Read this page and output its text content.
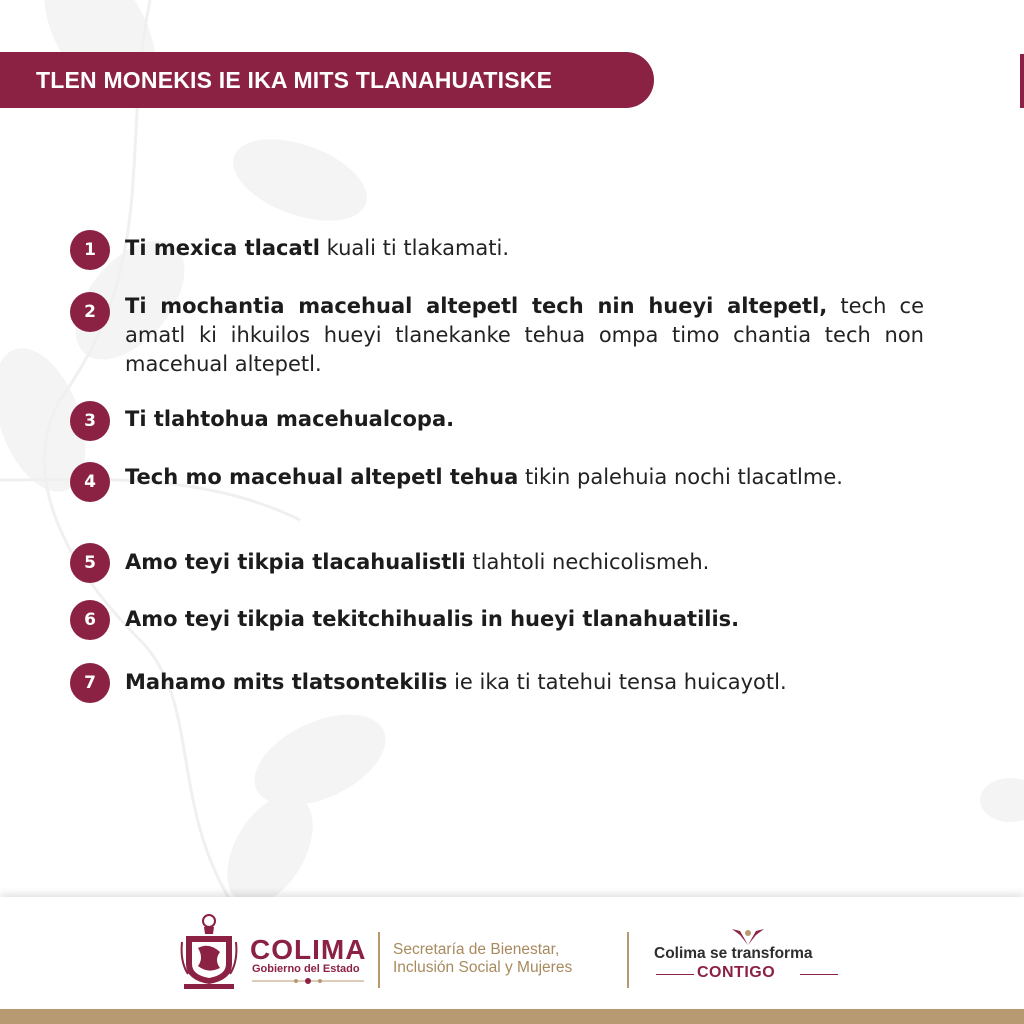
TLEN MONEKIS IE IKA MITS TLANAHUATISKE
1	Ti mexica tlacatl kuali ti tlakamati.
2	Ti mochantia macehual altepetl tech nin hueyi altepetl, tech ce amatl ki ihkuilos hueyi tlanekanke tehua ompa timo chantia tech non macehual altepetl.
3	Ti tlahtohua macehualcopa.
4	Tech mo macehual altepetl tehua tikin palehuia nochi tlacatlme.
5	Amo teyi tikpia tlacahualistli tlahtoli nechicolismeh.
6	Amo teyi tikpia tekitchihualis in hueyi tlanahuatilis.
7	Mahamo mits tlatsontekilis ie ika ti tatehui tensa huicayotl.
COLIMA
Gobierno del Estado
Secretaría de Bienestar,
Inclusión Social y Mujeres
Colima se transforma
CONTIGO
